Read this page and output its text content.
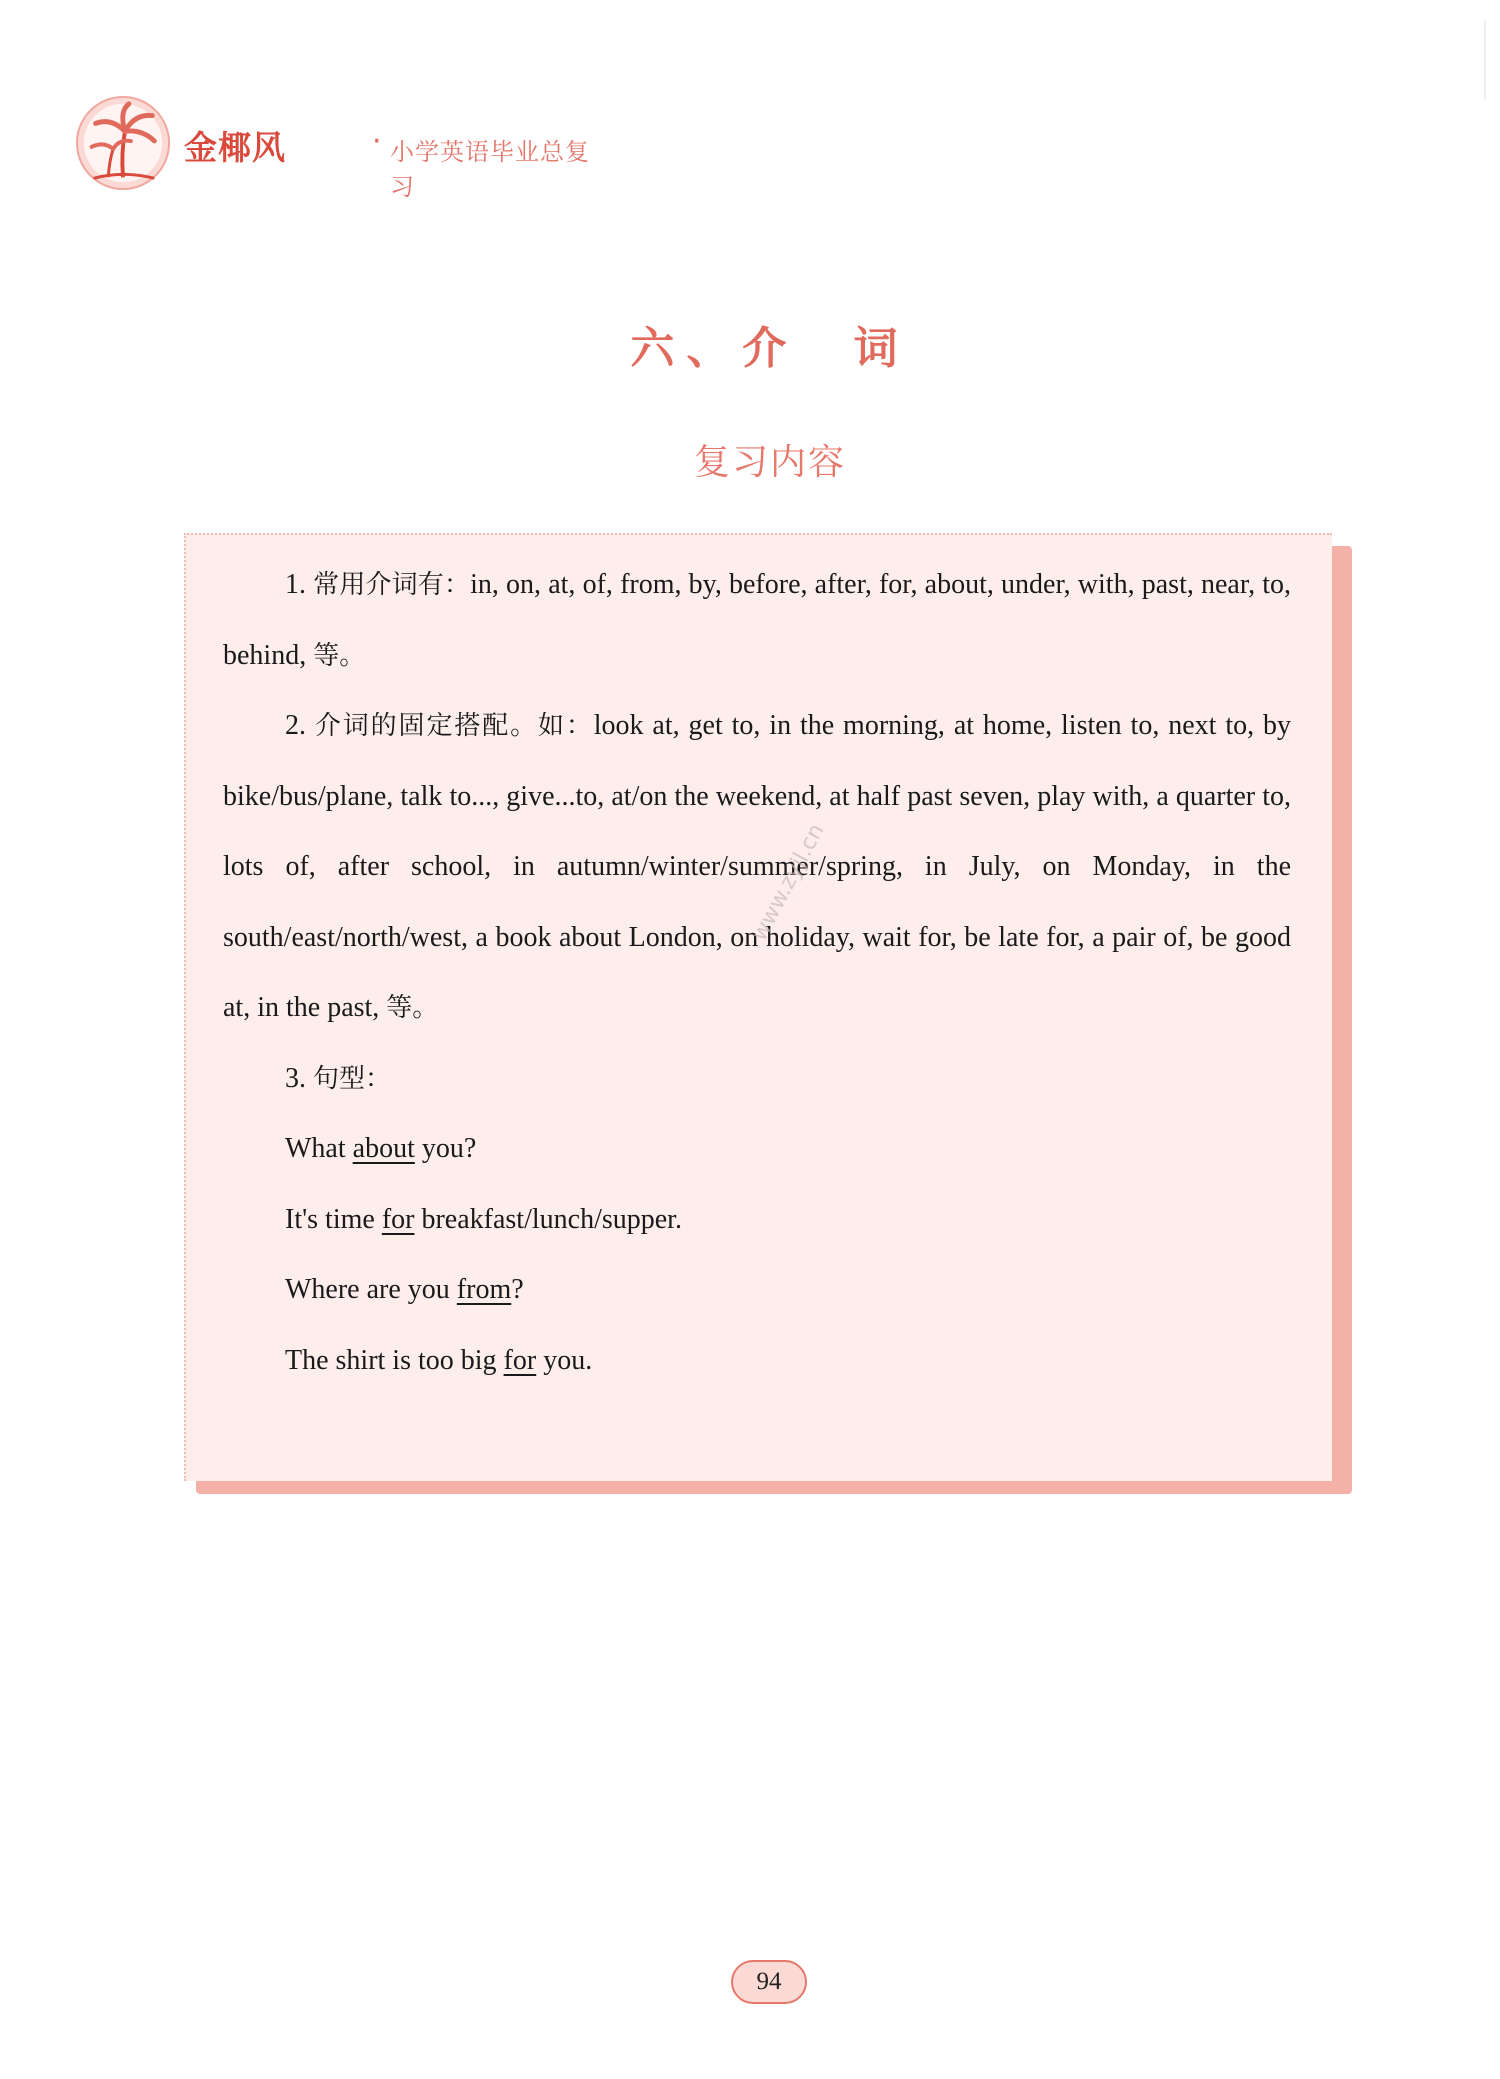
金椰风	· 小学英语毕业总复习
六、介 词
复习内容

1. 常用介词有：in, on, at, of, from, by, before, after, for, about, under, with, past, near, to, behind, 等。

2. 介词的固定搭配。如：look at, get to, in the morning, at home, listen to, next to, by bike/bus/plane, talk to..., give...to, at/on the weekend, at half past seven, play with, a quarter to, lots of, after school, in autumn/winter/summer/spring, in July, on Monday, in the south/east/north/west, a book about London, on holiday, wait for, be late for, a pair of, be good at, in the past, 等。

3. 句型：

What about you?
It's time for breakfast/lunch/supper.
Where are you from?
The shirt is too big for you.
www.zyjl.cn
94
